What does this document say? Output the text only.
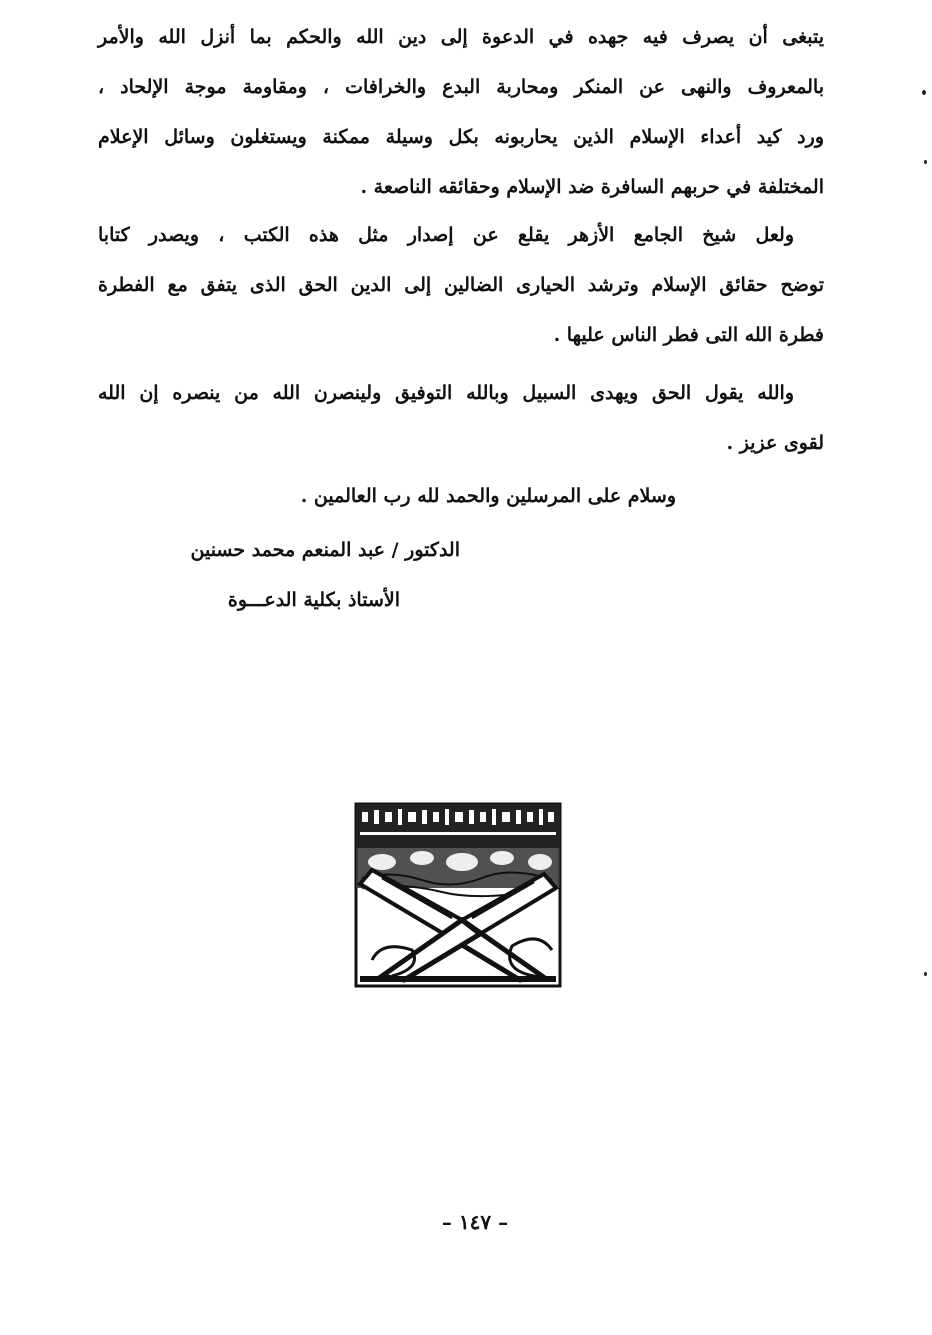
يتبغى أن يصرف فيه جهده في الدعوة إلى دين الله والحكم بما أنزل الله والأمر
بالمعروف والنهى عن المنكر ومحاربة البدع والخرافات ، ومقاومة موجة الإلحاد ،
ورد كيد أعداء الإسلام الذين يحاربونه بكل وسيلة ممكنة ويستغلون وسائل الإعلام
المختلفة في حربهم السافرة ضد الإسلام وحقائقه الناصعة .
ولعل شيخ الجامع الأزهر يقلع عن إصدار مثل هذه الكتب ، ويصدر كتابا
توضح حقائق الإسلام وترشد الحيارى الضالين إلى الدين الحق الذى يتفق مع الفطرة
فطرة الله التى فطر الناس عليها .
والله يقول الحق ويهدى السبيل وبالله التوفيق ولينصرن الله من ينصره إن الله
لقوى عزيز .
وسلام على المرسلين والحمد لله رب العالمين .
الدكتور / عبد المنعم محمد حسنين
الأستاذ بكلية الدعـــوة
– ١٤٧ –
